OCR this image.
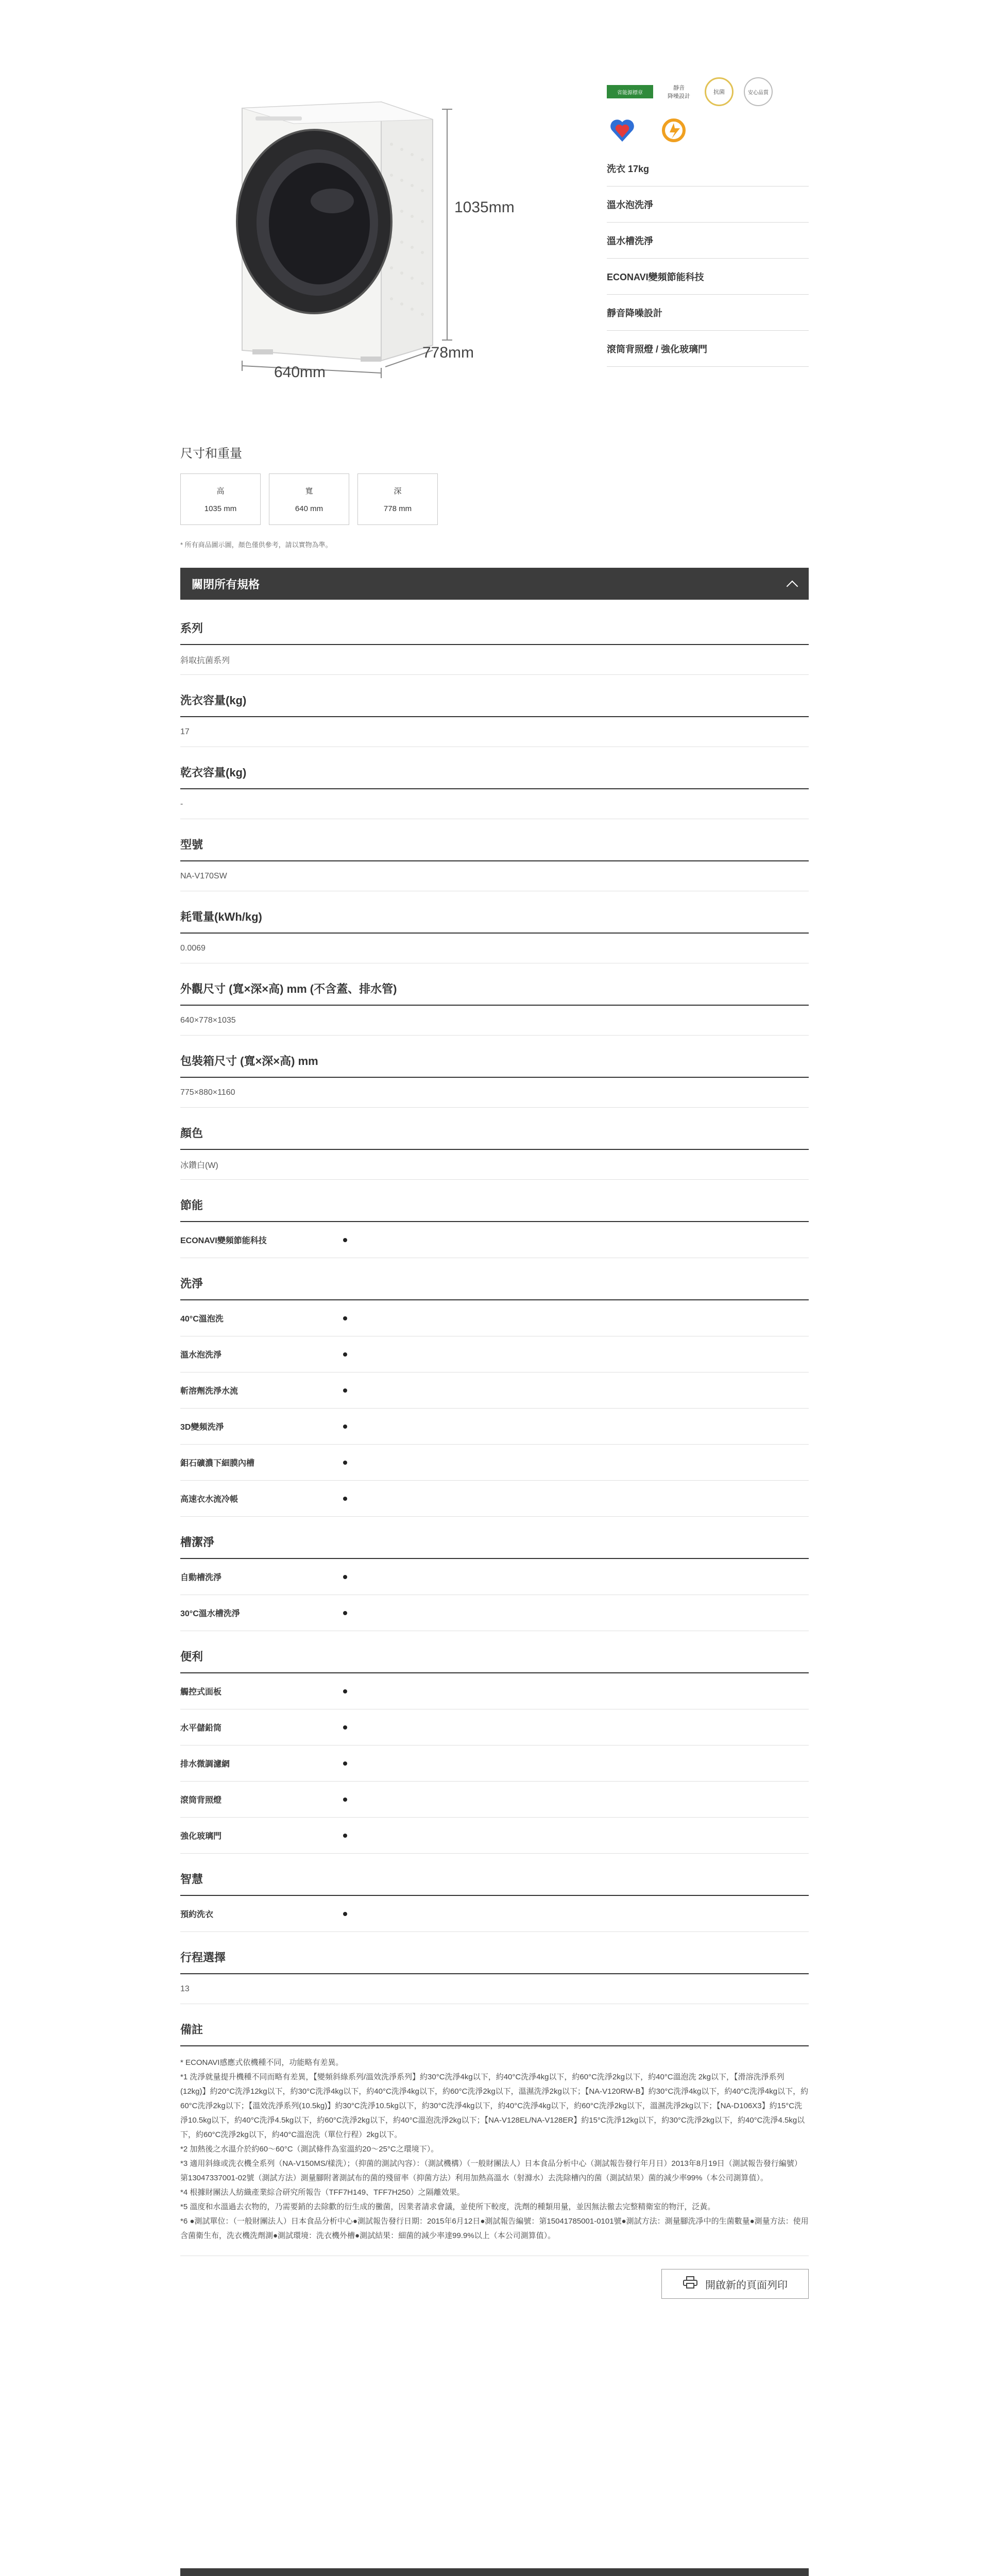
1035mm
640mm
778mm
省能源標章
靜音
降噪設計
抗菌	安心品質
洗衣 17kg
溫水泡洗淨
溫水槽洗淨
ECONAVI變頻節能科技
靜音降噪設計
滾筒背照燈 / 強化玻璃門
尺寸和重量
高
1035 mm
寬
640 mm
深
778 mm
* 所有商品圖示圖，顏色僅供參考，請以實物為準。
關閉所有規格
系列
斜取抗菌系列
洗衣容量(kg)
17
乾衣容量(kg)
-
型號
NA-V170SW
耗電量(kWh/kg)
0.0069
外觀尺寸 (寬×深×高) mm (不含蓋、排水管)
640×778×1035
包裝箱尺寸 (寬×深×高) mm
775×880×1160
顏色
冰鑽白(W)
節能
ECONAVI變頻節能科技
洗淨
40°C溫泡洗
溫水泡洗淨
斬溶劑洗淨水流
3D變頻洗淨
鉬石礦濃下細膜內槽
高速衣水流冷帳
槽潔淨
自動槽洗淨
30°C溫水槽洗淨
便利
觸控式面板
水平儲鉛筒
排水微調濾網
滾筒背照燈
強化玻璃門
智慧
預約洗衣
行程選擇
13
備註

* ECONAVI感應式依機種不同，功能略有差異。

*1 洗淨就量提升機種不同而略有差異，【變頻斜綠系列/溫效洗淨系列】約30°C洗淨4kg以下，約40°C洗淨4kg以下，約60°C洗淨2kg以下，約40°C溫泡洗 2kg以下，【滑溶洗淨系列(12kg)】約20°C洗淨12kg以下，約30°C洗淨4kg以下，約40°C洗淨4kg以下，約60°C洗淨2kg以下，溫濕洗淨2kg以下；【NA-V120RW-B】約30°C洗淨4kg以下，約40°C洗淨4kg以下，約60°C洗淨2kg以下；【溫效洗淨系列(10.5kg)】約30°C洗淨10.5kg以下，約30°C洗淨4kg以下，約40°C洗淨4kg以下，約60°C洗淨2kg以下，溫濕洗淨2kg以下；【NA-D106X3】約15°C洗淨10.5kg以下，約40°C洗淨4.5kg以下，約60°C洗淨2kg以下，約40°C溫泡洗淨2kg以下；【NA-V128EL/NA-V128ER】約15°C洗淨12kg以下，約30°C洗淨2kg以下，約40°C洗淨4.5kg以下，約60°C洗淨2kg以下，約40°C溫泡洗（單位行程）2kg以下。

*2 加熱後之水溫介於約60～60°C（測試條件為室溫約20～25°C之環境下）。

*3 適用斜綠或洗衣機全系列（NA-V150MS/樣洗）；（抑菌的測試內容）：（測試機構）（一般財團法人）日本食品分析中心（測試報告發行年月日）2013年8月19日（測試報告發行編號）第13047337001-02號（測試方法）測量腳附著測試布的菌的殘留率（抑菌方法）利用加熱高溫水（射滌水）去洗除槽內的菌（測試結果）菌的減少率99%（本公司測算值）。

*4 根據財團法人紡織產業綜合研究所報告（TFF7H149、TFF7H250）之隔離效果。

*5 溫度和水溫過去衣物的，乃需要銷的去除歡的衍生成的黴菌，因業者請求會議，並使所下較度，洗劑的種類用量，並因無法徹去完整精衛室的物汗，泛黃。

*6 ●測試單位：（一般財團法人）日本食品分析中心●測試報告發行日期：2015年6月12日●測試報告編號：第15041785001-0101號●測試方法：測量腳洗凈中的生菌數量●測量方法：使用含菌衛生布，洗衣機洗劑測●測試環境：洗衣機外槽●測試結果：細菌的減少率達99.9%以上（本公司測算值）。

開啟新的頁面列印
